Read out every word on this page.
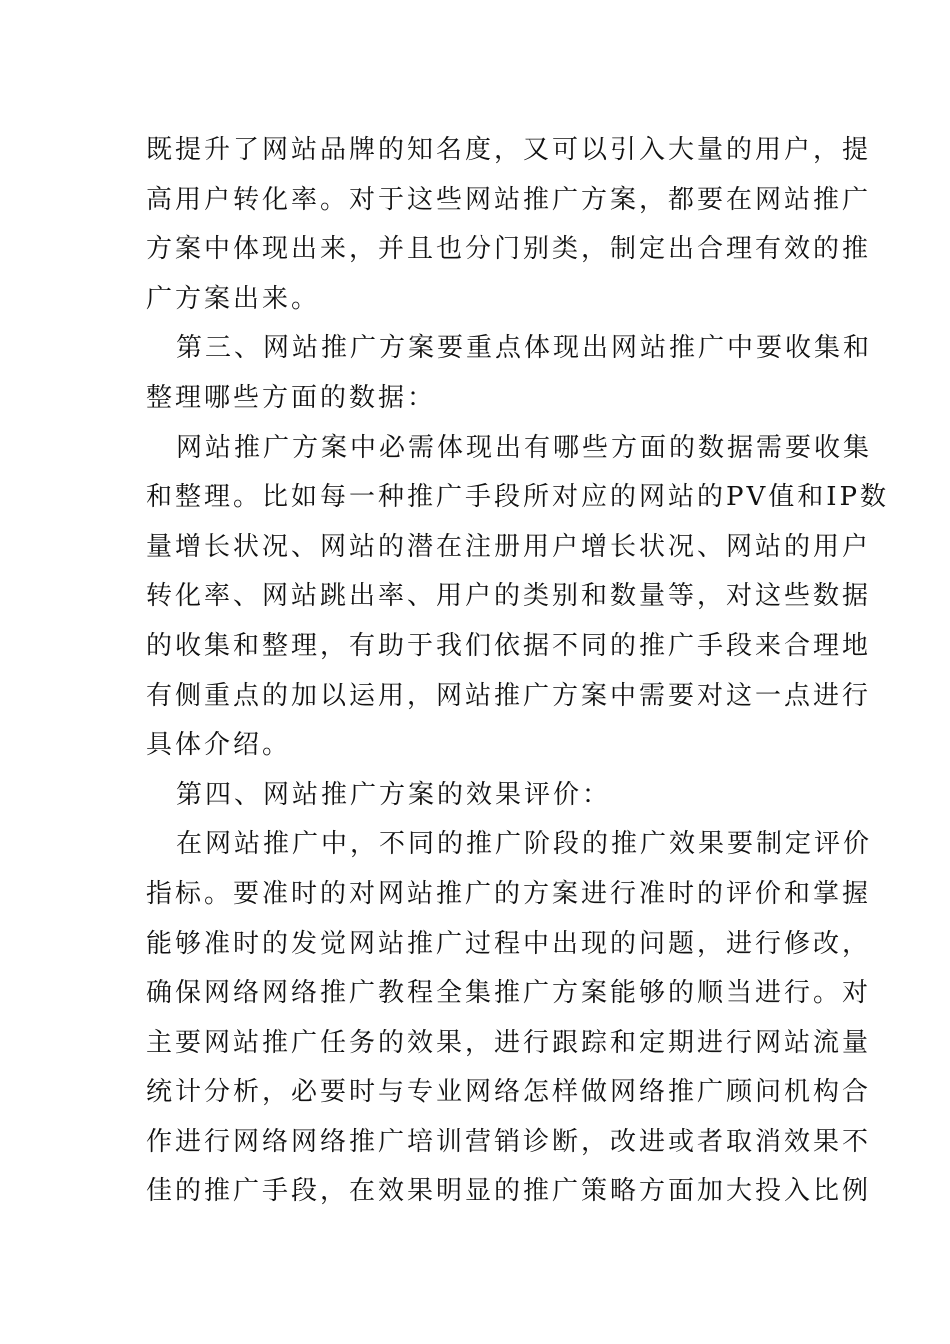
既提升了网站品牌的知名度，又可以引入大量的用户，提
高用户转化率。对于这些网站推广方案，都要在网站推广
方案中体现出来，并且也分门别类，制定出合理有效的推
广方案出来。
第三、网站推广方案要重点体现出网站推广中要收集和
整理哪些方面的数据：
网站推广方案中必需体现出有哪些方面的数据需要收集
和整理。比如每一种推广手段所对应的网站的PV值和IP数
量增长状况、网站的潜在注册用户增长状况、网站的用户
转化率、网站跳出率、用户的类别和数量等，对这些数据
的收集和整理，有助于我们依据不同的推广手段来合理地
有侧重点的加以运用，网站推广方案中需要对这一点进行
具体介绍。
第四、网站推广方案的效果评价：
在网站推广中，不同的推广阶段的推广效果要制定评价
指标。要准时的对网站推广的方案进行准时的评价和掌握
能够准时的发觉网站推广过程中出现的问题，进行修改，
确保网络网络推广教程全集推广方案能够的顺当进行。对
主要网站推广任务的效果，进行跟踪和定期进行网站流量
统计分析，必要时与专业网络怎样做网络推广顾问机构合
作进行网络网络推广培训营销诊断，改进或者取消效果不
佳的推广手段，在效果明显的推广策略方面加大投入比例
